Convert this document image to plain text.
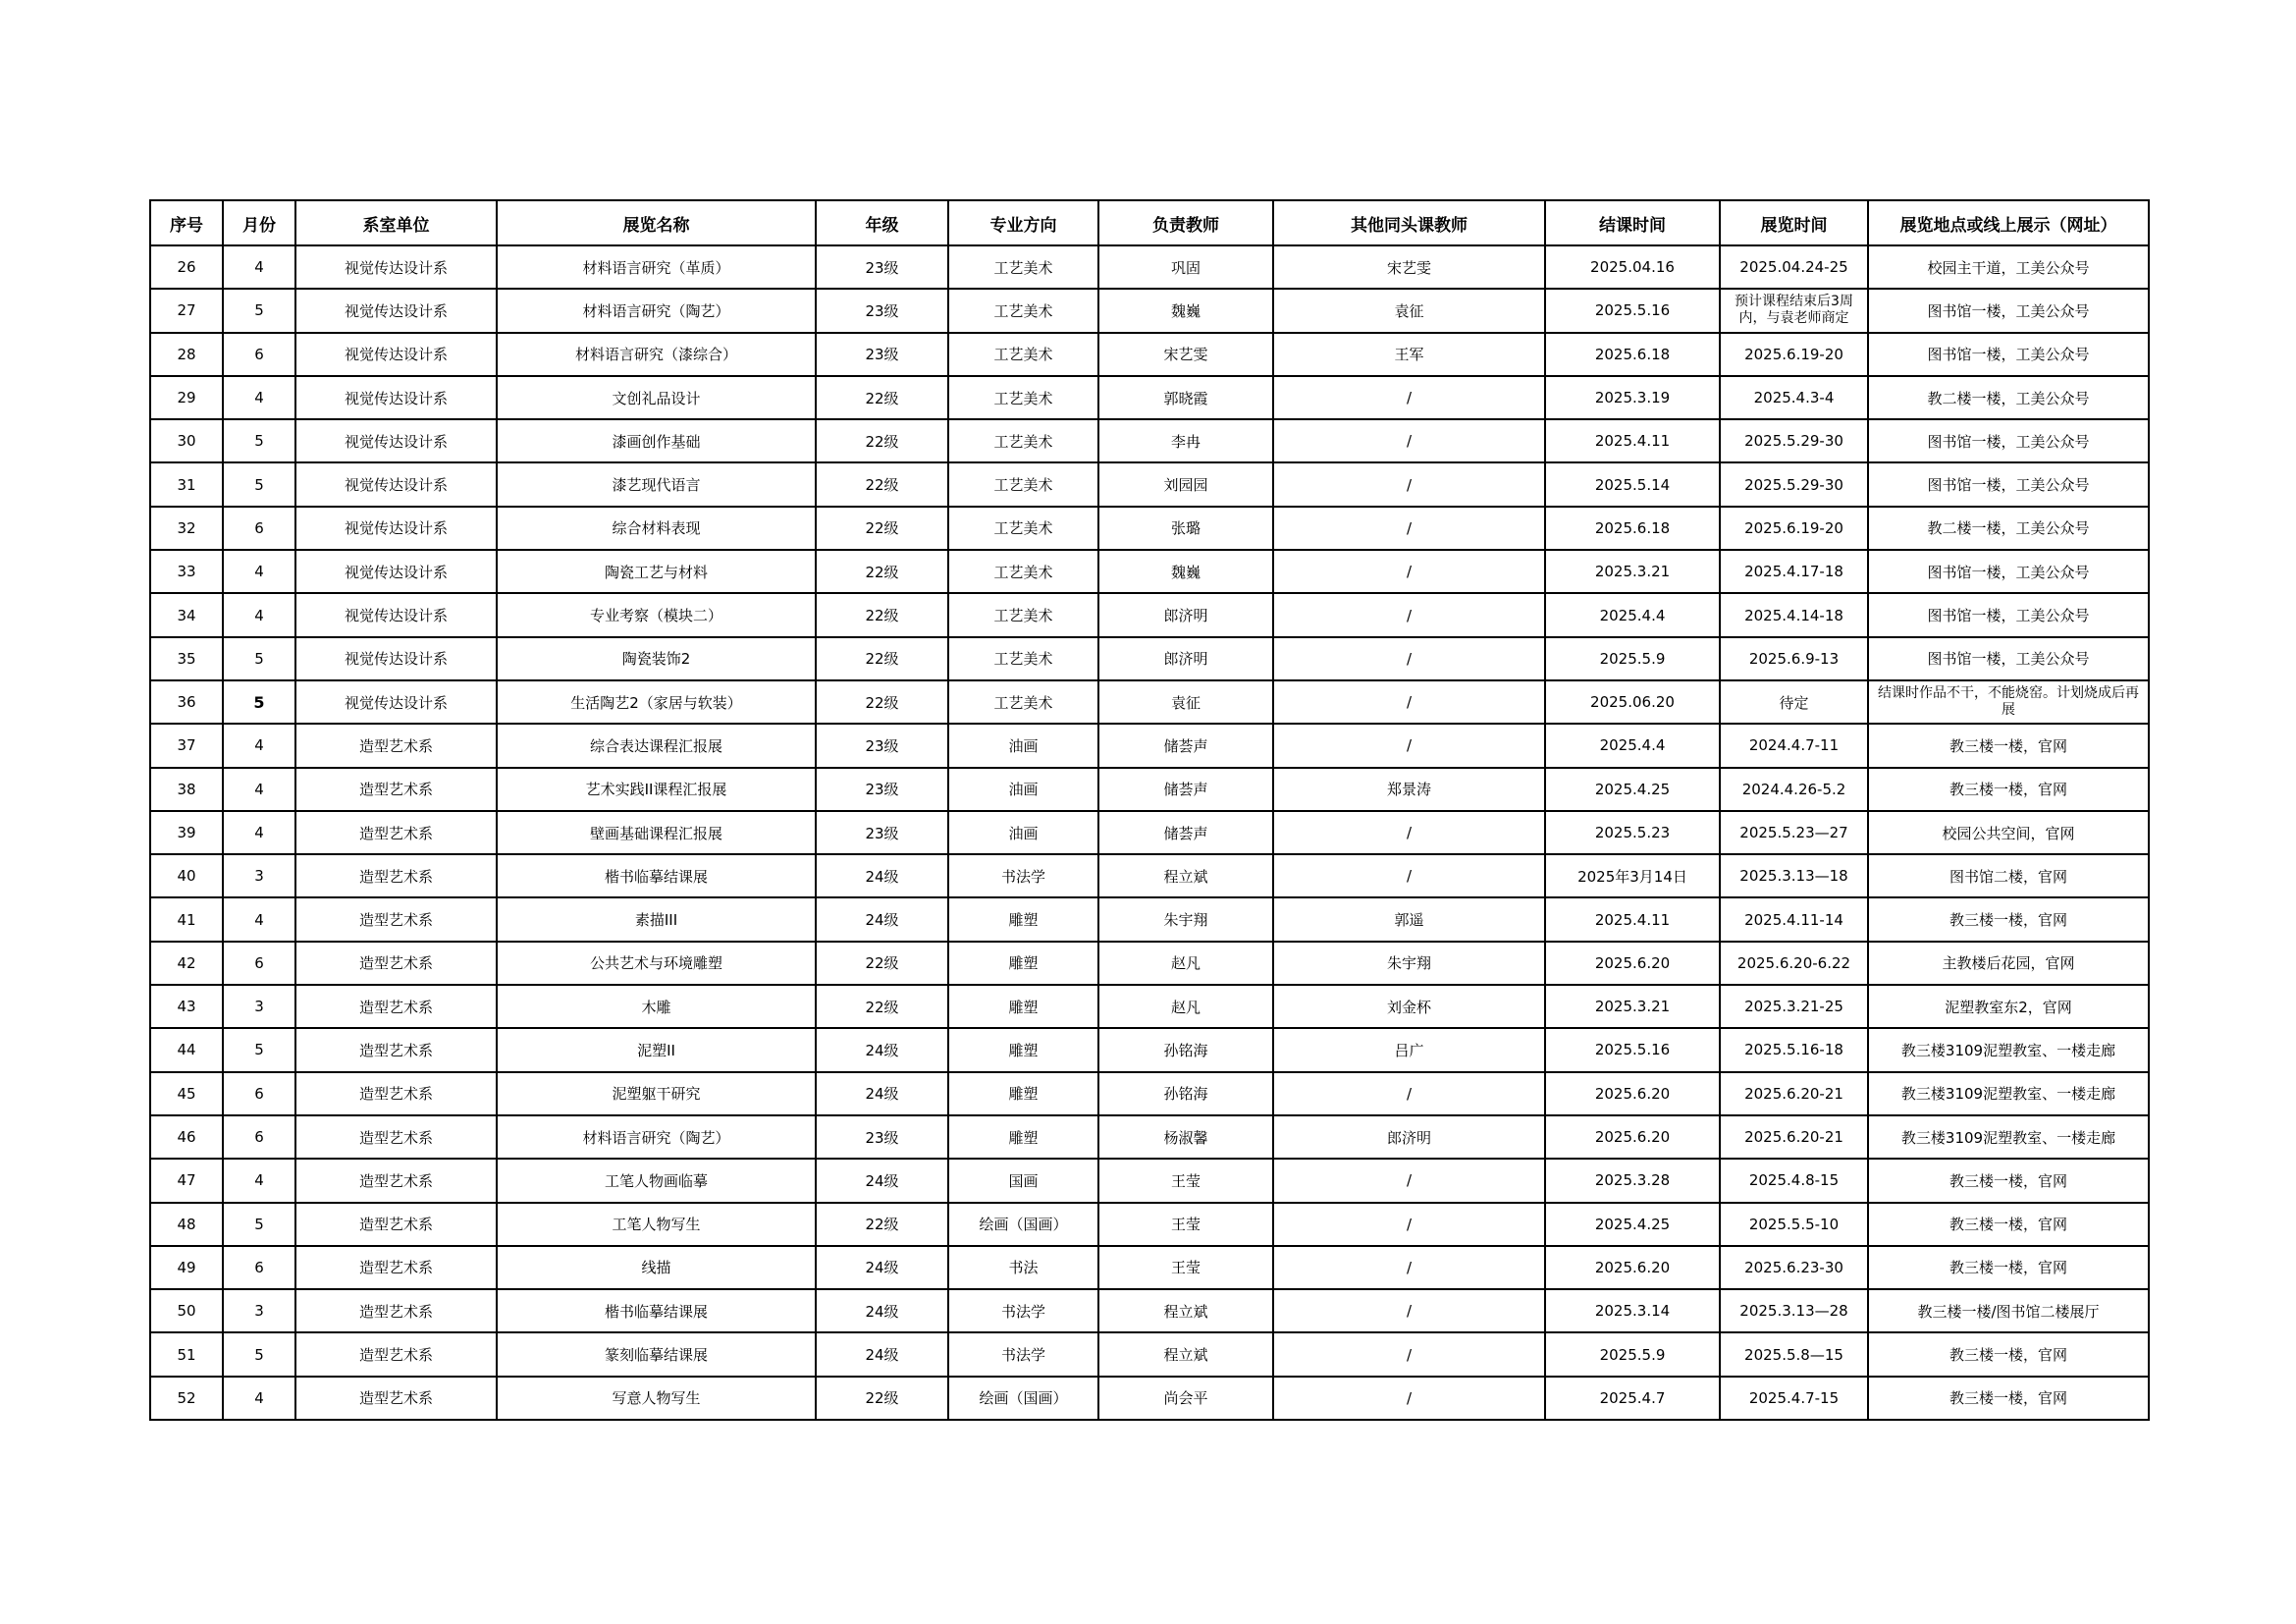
序号	月份	系室单位	展览名称	年级	专业方向	负责教师	其他同头课教师	结课时间	展览时间	展览地点或线上展示（网址）
26	4	视觉传达设计系	材料语言研究（革质）	23级	工艺美术	巩固	宋艺雯	2025.04.16	2025.04.24-25	校园主干道，工美公众号
27	5	视觉传达设计系	材料语言研究（陶艺）	23级	工艺美术	魏巍	袁征	2025.5.16	预计课程结束后3周内，与袁老师商定	图书馆一楼，工美公众号
28	6	视觉传达设计系	材料语言研究（漆综合）	23级	工艺美术	宋艺雯	王军	2025.6.18	2025.6.19-20	图书馆一楼，工美公众号
29	4	视觉传达设计系	文创礼品设计	22级	工艺美术	郭晓霞	/	2025.3.19	2025.4.3-4	教二楼一楼，工美公众号
30	5	视觉传达设计系	漆画创作基础	22级	工艺美术	李冉	/	2025.4.11	2025.5.29-30	图书馆一楼，工美公众号
31	5	视觉传达设计系	漆艺现代语言	22级	工艺美术	刘园园	/	2025.5.14	2025.5.29-30	图书馆一楼，工美公众号
32	6	视觉传达设计系	综合材料表现	22级	工艺美术	张璐	/	2025.6.18	2025.6.19-20	教二楼一楼，工美公众号
33	4	视觉传达设计系	陶瓷工艺与材料	22级	工艺美术	魏巍	/	2025.3.21	2025.4.17-18	图书馆一楼，工美公众号
34	4	视觉传达设计系	专业考察（模块二）	22级	工艺美术	郎济明	/	2025.4.4	2025.4.14-18	图书馆一楼，工美公众号
35	5	视觉传达设计系	陶瓷装饰2	22级	工艺美术	郎济明	/	2025.5.9	2025.6.9-13	图书馆一楼，工美公众号
36	5	视觉传达设计系	生活陶艺2（家居与软装）	22级	工艺美术	袁征	/	2025.06.20	待定	结课时作品不干，不能烧窑。计划烧成后再展
37	4	造型艺术系	综合表达课程汇报展	23级	油画	储荟声	/	2025.4.4	2024.4.7-11	教三楼一楼，官网
38	4	造型艺术系	艺术实践II课程汇报展	23级	油画	储荟声	郑景涛	2025.4.25	2024.4.26-5.2	教三楼一楼，官网
39	4	造型艺术系	壁画基础课程汇报展	23级	油画	储荟声	/	2025.5.23	2025.5.23—27	校园公共空间，官网
40	3	造型艺术系	楷书临摹结课展	24级	书法学	程立斌	/	2025年3月14日	2025.3.13—18	图书馆二楼，官网
41	4	造型艺术系	素描III	24级	雕塑	朱宇翔	郭遥	2025.4.11	2025.4.11-14	教三楼一楼，官网
42	6	造型艺术系	公共艺术与环境雕塑	22级	雕塑	赵凡	朱宇翔	2025.6.20	2025.6.20-6.22	主教楼后花园，官网
43	3	造型艺术系	木雕	22级	雕塑	赵凡	刘金杯	2025.3.21	2025.3.21-25	泥塑教室东2，官网
44	5	造型艺术系	泥塑II	24级	雕塑	孙铭海	吕广	2025.5.16	2025.5.16-18	教三楼3109泥塑教室、一楼走廊
45	6	造型艺术系	泥塑躯干研究	24级	雕塑	孙铭海	/	2025.6.20	2025.6.20-21	教三楼3109泥塑教室、一楼走廊
46	6	造型艺术系	材料语言研究（陶艺）	23级	雕塑	杨淑馨	郎济明	2025.6.20	2025.6.20-21	教三楼3109泥塑教室、一楼走廊
47	4	造型艺术系	工笔人物画临摹	24级	国画	王莹	/	2025.3.28	2025.4.8-15	教三楼一楼，官网
48	5	造型艺术系	工笔人物写生	22级	绘画（国画）	王莹	/	2025.4.25	2025.5.5-10	教三楼一楼，官网
49	6	造型艺术系	线描	24级	书法	王莹	/	2025.6.20	2025.6.23-30	教三楼一楼，官网
50	3	造型艺术系	楷书临摹结课展	24级	书法学	程立斌	/	2025.3.14	2025.3.13—28	教三楼一楼/图书馆二楼展厅
51	5	造型艺术系	篆刻临摹结课展	24级	书法学	程立斌	/	2025.5.9	2025.5.8—15	教三楼一楼，官网
52	4	造型艺术系	写意人物写生	22级	绘画（国画）	尚会平	/	2025.4.7	2025.4.7-15	教三楼一楼，官网
